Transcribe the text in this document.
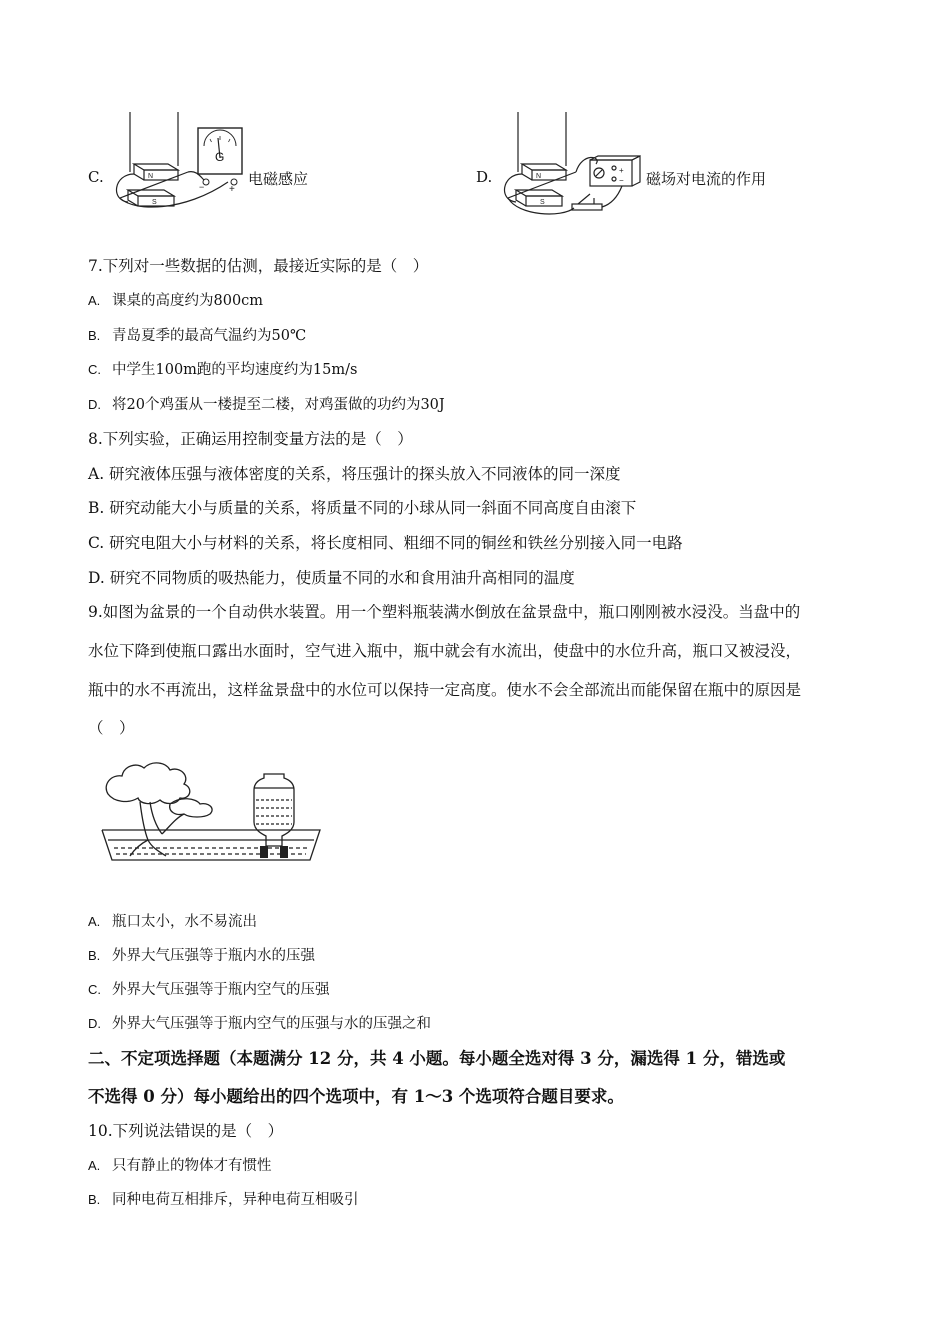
C.	N
S
− +
G
电磁感应	D.	N
S
+
− 磁场对电流的作用
7.下列对一些数据的估测，最接近实际的是（　）
A. 课桌的高度约为800cm
B. 青岛夏季的最高气温约为50℃
C. 中学生100m跑的平均速度约为15m/s
D. 将20个鸡蛋从一楼提至二楼，对鸡蛋做的功约为30J
8.下列实验，正确运用控制变量方法的是（　）
A. 研究液体压强与液体密度的关系，将压强计的探头放入不同液体的同一深度
B. 研究动能大小与质量的关系，将质量不同的小球从同一斜面不同高度自由滚下
C. 研究电阻大小与材料的关系，将长度相同、粗细不同的铜丝和铁丝分别接入同一电路
D. 研究不同物质的吸热能力，使质量不同的水和食用油升高相同的温度
9.如图为盆景的一个自动供水装置。用一个塑料瓶装满水倒放在盆景盘中，瓶口刚刚被水浸没。当盘中的
水位下降到使瓶口露出水面时，空气进入瓶中，瓶中就会有水流出，使盘中的水位升高，瓶口又被浸没，
瓶中的水不再流出，这样盆景盘中的水位可以保持一定高度。使水不会全部流出而能保留在瓶中的原因是
（　）
A. 瓶口太小，水不易流出
B. 外界大气压强等于瓶内水的压强
C. 外界大气压强等于瓶内空气的压强
D. 外界大气压强等于瓶内空气的压强与水的压强之和
二、不定项选择题（本题满分 12 分，共 4 小题。每小题全选对得 3 分，漏选得 1 分，错选或
不选得 0 分）每小题给出的四个选项中，有 1～3 个选项符合题目要求。
10.下列说法错误的是（　）
A. 只有静止的物体才有惯性
B. 同种电荷互相排斥，异种电荷互相吸引
